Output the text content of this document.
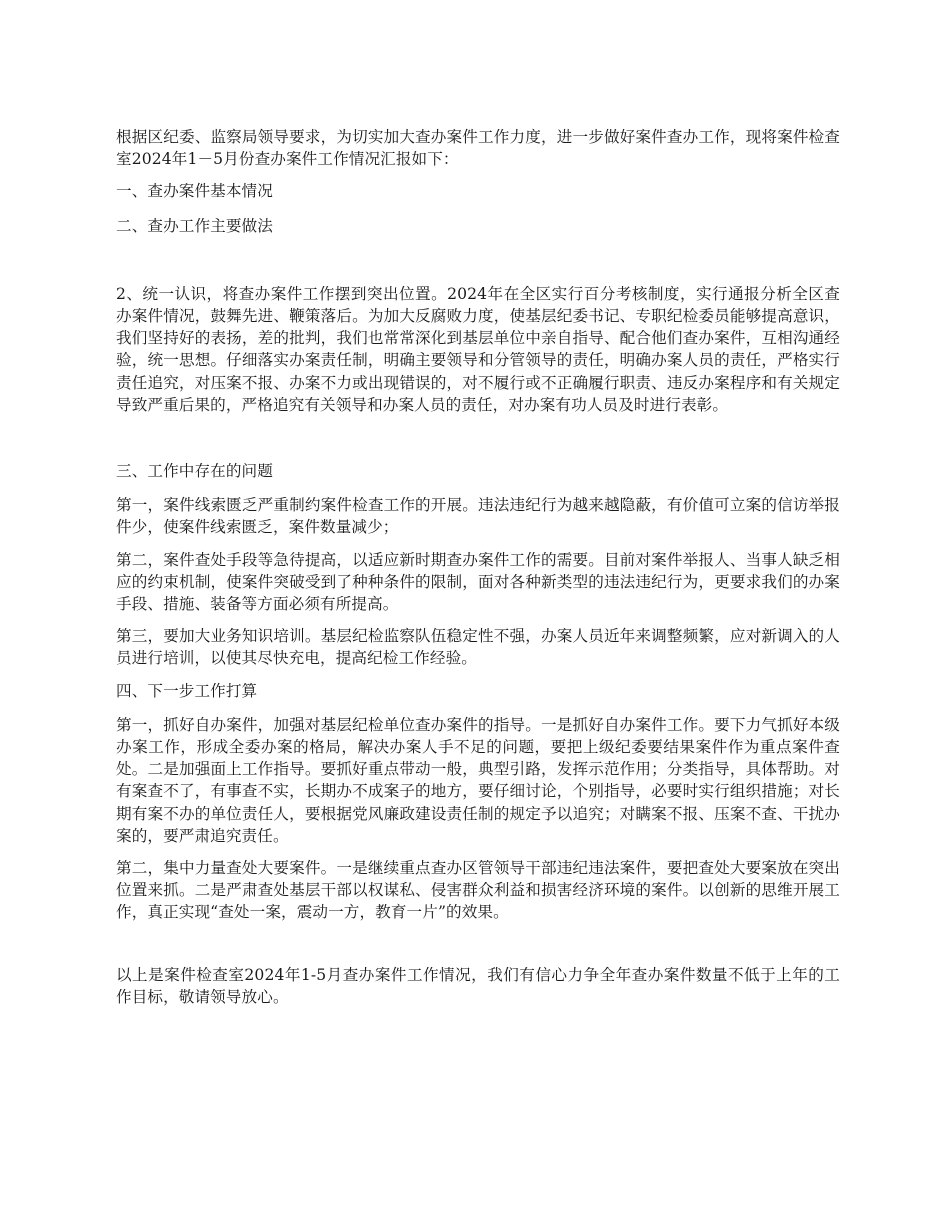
根据区纪委、监察局领导要求，为切实加大查办案件工作力度，进一步做好案件查办工作，现将案件检查室2024年1－5月份查办案件工作情况汇报如下：

一、查办案件基本情况

二、查办工作主要做法

2、统一认识，将查办案件工作摆到突出位置。2024年在全区实行百分考核制度，实行通报分析全区查办案件情况，鼓舞先进、鞭策落后。为加大反腐败力度，使基层纪委书记、专职纪检委员能够提高意识，我们坚持好的表扬，差的批判，我们也常常深化到基层单位中亲自指导、配合他们查办案件，互相沟通经验，统一思想。仔细落实办案责任制，明确主要领导和分管领导的责任，明确办案人员的责任，严格实行责任追究，对压案不报、办案不力或出现错误的，对不履行或不正确履行职责、违反办案程序和有关规定导致严重后果的，严格追究有关领导和办案人员的责任，对办案有功人员及时进行表彰。

三、工作中存在的问题

第一，案件线索匮乏严重制约案件检查工作的开展。违法违纪行为越来越隐蔽，有价值可立案的信访举报件少，使案件线索匮乏，案件数量减少；

第二，案件查处手段等急待提高，以适应新时期查办案件工作的需要。目前对案件举报人、当事人缺乏相应的约束机制，使案件突破受到了种种条件的限制，面对各种新类型的违法违纪行为，更要求我们的办案手段、措施、装备等方面必须有所提高。

第三，要加大业务知识培训。基层纪检监察队伍稳定性不强，办案人员近年来调整频繁，应对新调入的人员进行培训，以使其尽快充电，提高纪检工作经验。

四、下一步工作打算

第一，抓好自办案件，加强对基层纪检单位查办案件的指导。一是抓好自办案件工作。要下力气抓好本级办案工作，形成全委办案的格局，解决办案人手不足的问题，要把上级纪委要结果案件作为重点案件查处。二是加强面上工作指导。要抓好重点带动一般，典型引路，发挥示范作用；分类指导，具体帮助。对有案查不了，有事查不实，长期办不成案子的地方，要仔细讨论，个别指导，必要时实行组织措施；对长期有案不办的单位责任人，要根据党风廉政建设责任制的规定予以追究；对瞒案不报、压案不查、干扰办案的，要严肃追究责任。

第二，集中力量查处大要案件。一是继续重点查办区管领导干部违纪违法案件，要把查处大要案放在突出位置来抓。二是严肃查处基层干部以权谋私、侵害群众利益和损害经济环境的案件。以创新的思维开展工作，真正实现“查处一案，震动一方，教育一片”的效果。

以上是案件检查室2024年1-5月查办案件工作情况，我们有信心力争全年查办案件数量不低于上年的工作目标，敬请领导放心。
